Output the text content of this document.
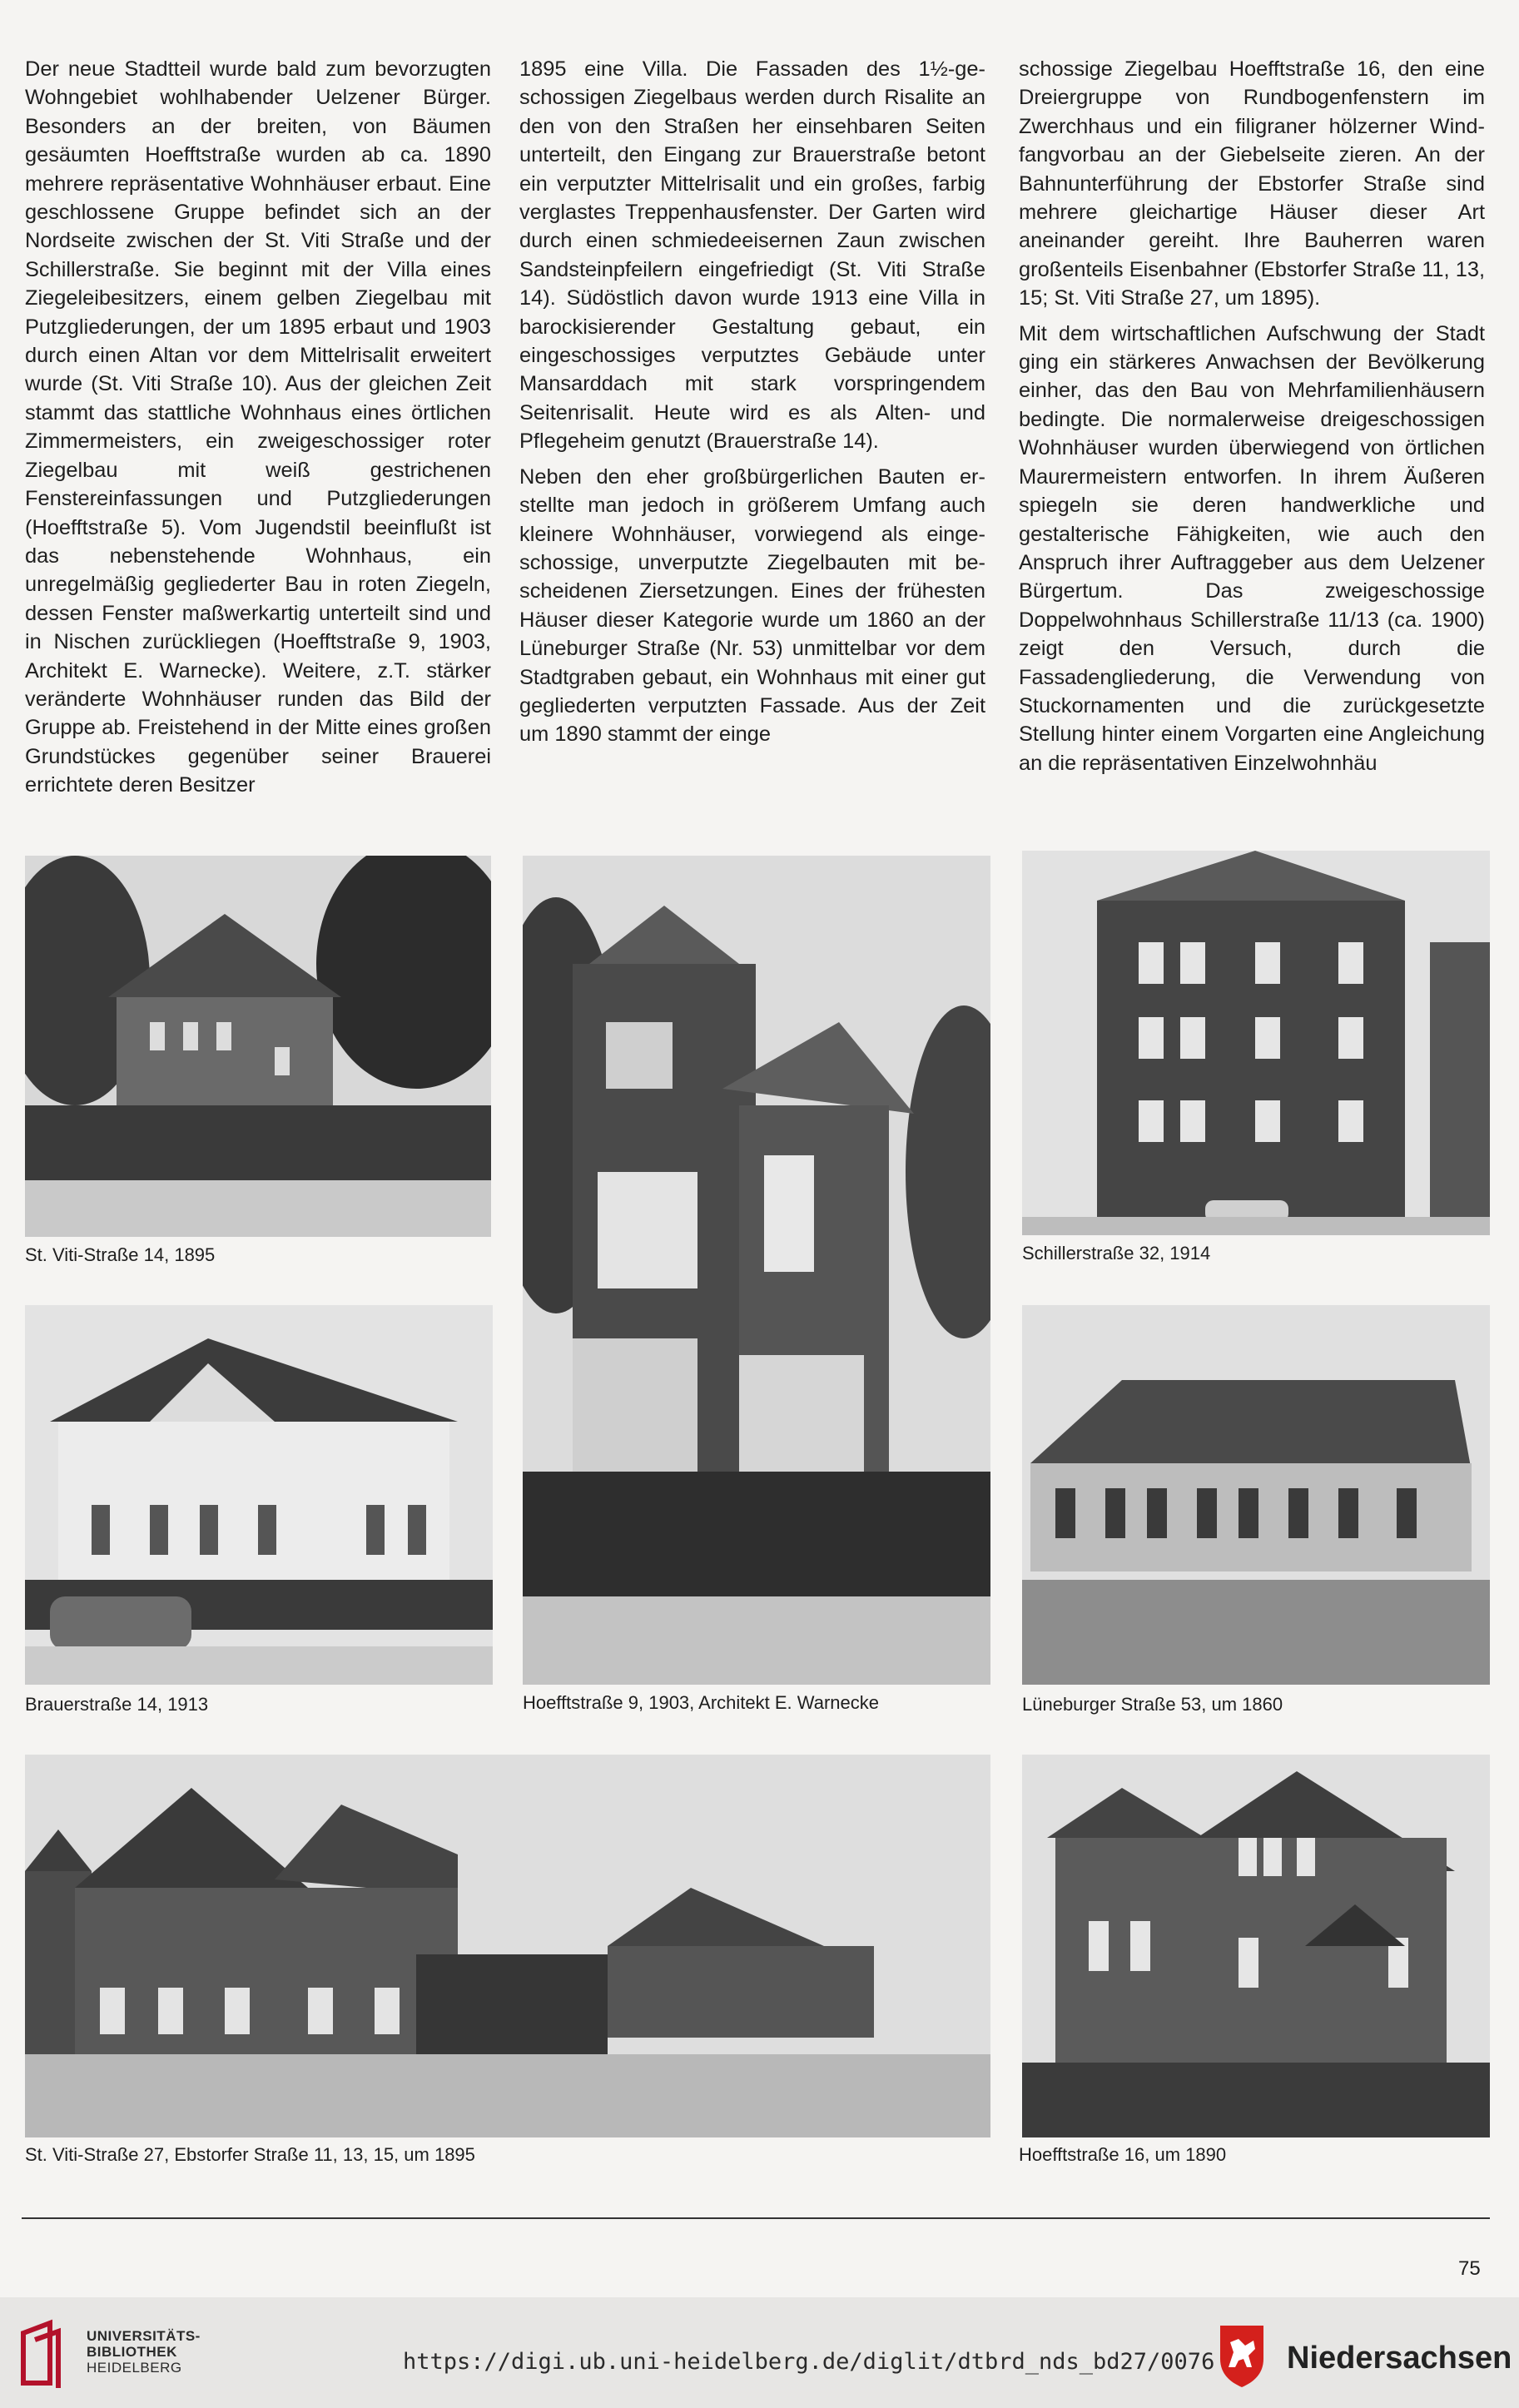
Der neue Stadtteil wurde bald zum bevorzugten Wohngebiet wohlhabender Uelzener Bürger. Besonders an der breiten, von Bäumen gesäumten Hoefftstraße wurden ab ca. 1890 mehrere repräsentative Wohnhäuser erbaut. Eine geschlossene Gruppe befindet sich an der Nordseite zwischen der St. Viti Straße und der Schillerstraße. Sie beginnt mit der Villa eines Ziegeleibesitzers, einem gelben Ziegelbau mit Putzgliederungen, der um 1895 erbaut und 1903 durch einen Altan vor dem Mittelrisalit erweitert wurde (St. Viti Straße 10). Aus der gleichen Zeit stammt das stattliche Wohnhaus eines örtlichen Zimmermeisters, ein zweigeschossiger roter Ziegelbau mit weiß gestrichenen Fenstereinfassungen und Putzgliederungen (Hoefftstraße 5). Vom Jugendstil beeinflußt ist das nebenstehende Wohnhaus, ein unregelmäßig gegliederter Bau in roten Ziegeln, dessen Fenster maßwerkartig unterteilt sind und in Nischen zurückliegen (Hoefftstraße 9, 1903, Architekt E. Warnecke). Weitere, z.T. stärker veränderte Wohnhäuser runden das Bild der Gruppe ab. Freistehend in der Mitte eines großen Grundstückes gegenüber seiner Brauerei errichtete deren Besitzer

1895 eine Villa. Die Fassaden des 1½-geschossigen Ziegelbaus werden durch Risalite an den von den Straßen her einsehbaren Seiten unterteilt, den Eingang zur Brauerstraße betont ein verputzter Mittelrisalit und ein großes, farbig verglastes Treppenhausfenster. Der Garten wird durch einen schmiedeeisernen Zaun zwischen Sandsteinpfeilern eingefriedigt (St. Viti Straße 14). Südöstlich davon wurde 1913 eine Villa in barockisierender Gestaltung gebaut, ein eingeschossiges verputztes Gebäude unter Mansarddach mit stark vorspringendem Seitenrisalit. Heute wird es als Alten- und Pflegeheim genutzt (Brauerstraße 14).

Neben den eher großbürgerlichen Bauten erstellte man jedoch in größerem Umfang auch kleinere Wohnhäuser, vorwiegend als eingeschossige, unverputzte Ziegelbauten mit bescheidenen Ziersetzungen. Eines der frühesten Häuser dieser Kategorie wurde um 1860 an der Lüneburger Straße (Nr. 53) unmittelbar vor dem Stadtgraben gebaut, ein Wohnhaus mit einer gut gegliederten verputzten Fassade. Aus der Zeit um 1890 stammt der einge

schossige Ziegelbau Hoefftstraße 16, den eine Dreiergruppe von Rundbogenfenstern im Zwerchhaus und ein filigraner hölzerner Windfangvorbau an der Giebelseite zieren. An der Bahnunterführung der Ebstorfer Straße sind mehrere gleichartige Häuser dieser Art aneinander gereiht. Ihre Bauherren waren großenteils Eisenbahner (Ebstorfer Straße 11, 13, 15; St. Viti Straße 27, um 1895).

Mit dem wirtschaftlichen Aufschwung der Stadt ging ein stärkeres Anwachsen der Bevölkerung einher, das den Bau von Mehrfamilienhäusern bedingte. Die normalerweise dreigeschossigen Wohnhäuser wurden überwiegend von örtlichen Maurermeistern entworfen. In ihrem Äußeren spiegeln sie deren handwerkliche und gestalterische Fähigkeiten, wie auch den Anspruch ihrer Auftraggeber aus dem Uelzener Bürgertum. Das zweigeschossige Doppelwohnhaus Schillerstraße 11/13 (ca. 1900) zeigt den Versuch, durch die Fassadengliederung, die Verwendung von Stuckornamenten und die zurückgesetzte Stellung hinter einem Vorgarten eine Angleichung an die repräsentativen Einzelwohnhäu

St. Viti-Straße 14, 1895
Hoefftstraße 9, 1903, Architekt E. Warnecke
Schillerstraße 32, 1914
Brauerstraße 14, 1913	Lüneburger Straße 53, um 1860
St. Viti-Straße 27, Ebstorfer Straße 11, 13, 15, um 1895	Hoefftstraße 16, um 1890
75
UNIVERSITÄTS-
BIBLIOTHEK
HEIDELBERG	https://digi.ub.uni-heidelberg.de/diglit/dtbrd_nds_bd27/0076 Niedersachsen
